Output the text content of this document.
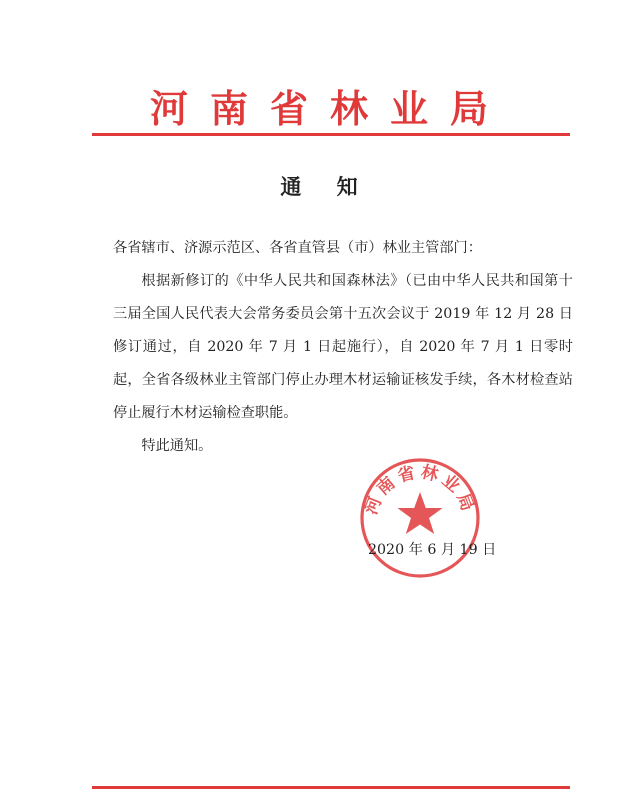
河南省林业局
通 知

各省辖市、济源示范区、各省直管县（市）林业主管部门：

根据新修订的《中华人民共和国森林法》（已由中华人民共和国第十三届全国人民代表大会常务委员会第十五次会议于 2019 年 12 月 28 日修订通过，自 2020 年 7 月 1 日起施行），自 2020 年 7 月 1 日零时起，全省各级林业主管部门停止办理木材运输证核发手续，各木材检查站停止履行木材运输检查职能。

特此通知。

河南省林业局
2020 年 6 月 19 日
